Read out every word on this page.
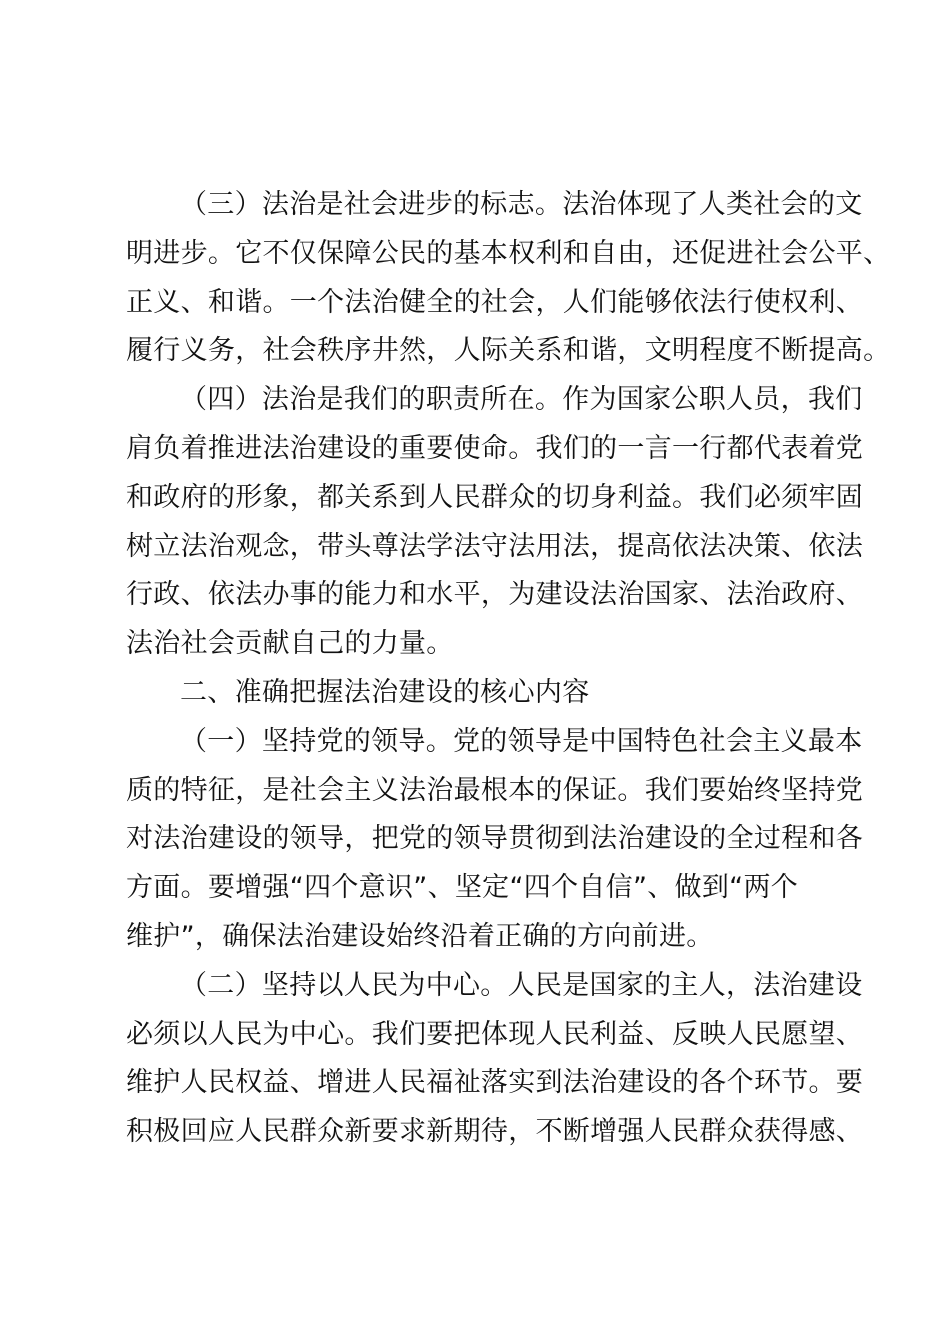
（三）法治是社会进步的标志。法治体现了人类社会的文
明进步。它不仅保障公民的基本权利和自由，还促进社会公平、
正义、和谐。一个法治健全的社会，人们能够依法行使权利、
履行义务，社会秩序井然，人际关系和谐，文明程度不断提高。
（四）法治是我们的职责所在。作为国家公职人员，我们
肩负着推进法治建设的重要使命。我们的一言一行都代表着党
和政府的形象，都关系到人民群众的切身利益。我们必须牢固
树立法治观念，带头尊法学法守法用法，提高依法决策、依法
行政、依法办事的能力和水平，为建设法治国家、法治政府、
法治社会贡献自己的力量。
二、准确把握法治建设的核心内容
（一）坚持党的领导。党的领导是中国特色社会主义最本
质的特征，是社会主义法治最根本的保证。我们要始终坚持党
对法治建设的领导，把党的领导贯彻到法治建设的全过程和各
方面。要增强“四个意识”、坚定“四个自信”、做到“两个
维护”，确保法治建设始终沿着正确的方向前进。
（二）坚持以人民为中心。人民是国家的主人，法治建设
必须以人民为中心。我们要把体现人民利益、反映人民愿望、
维护人民权益、增进人民福祉落实到法治建设的各个环节。要
积极回应人民群众新要求新期待，不断增强人民群众获得感、
